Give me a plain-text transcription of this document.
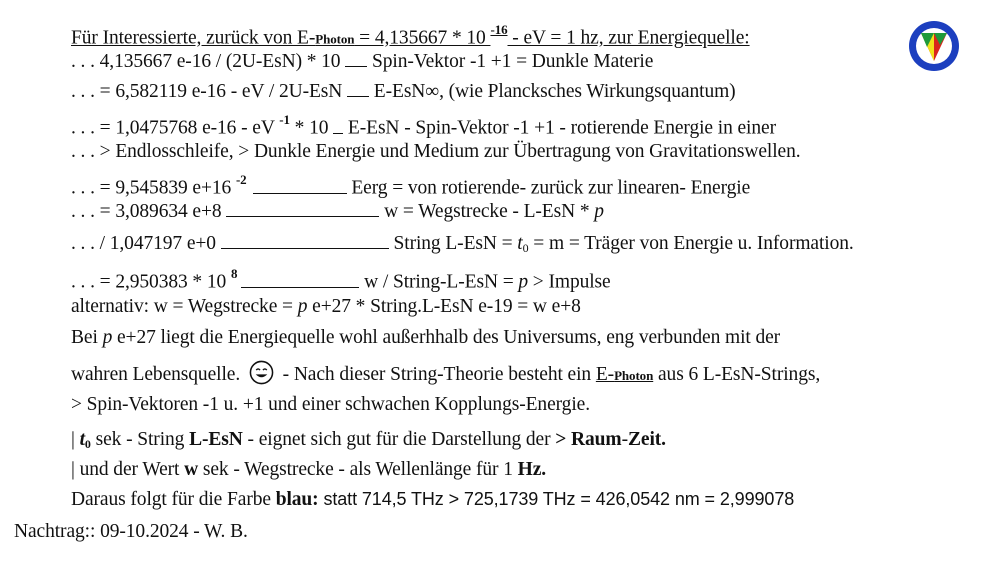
Für Interessierte, zurück von E-Photon = 4,135667 * 10 $^{-16}$ - eV = 1 hz, zur Energiequelle:
. . . 4,135667 e-16 / (2U-EsN) * 10  Spin-Vektor -1 +1 = Dunkle Materie
. . . = 6,582119 e-16 - eV / 2U-EsN  E-EsN∞, (wie Plancksches Wirkungsquantum)
. . . = 1,0475768 e-16 - eV $^{-1}$ * 10  E-EsN - Spin-Vektor -1 +1 - rotierende Energie in einer
. . . > Endlosschleife, > Dunkle Energie und Medium zur Übertragung von Gravitationswellen.
. . . = 9,545839 e+16 $^{-2}$	Eerg = von rotierende- zurück zur linearen- Energie
. . . = 3,089634 e+8	w = Wegstrecke - L-EsN * p
. . . / 1,047197 e+0	String L-EsN = t0 = m = Träger von Energie u. Information.
. . . = 2,950383 * 10 $^8$	w / String-L-EsN = p > Impulse
alternativ: w = Wegstrecke = p e+27 * String.L-EsN e-19 = w e+8
Bei p e+27 liegt die Energiequelle wohl außerhhalb des Universums, eng verbunden mit der
wahren Lebensquelle.  - Nach dieser String-Theorie besteht ein E-Photon aus 6 L-EsN-Strings,
> Spin-Vektoren -1 u. +1 und einer schwachen Kopplungs-Energie.
| t0 sek - String L-EsN - eignet sich gut für die Darstellung der > Raum-Zeit.
| und der Wert w sek - Wegstrecke - als Wellenlänge für 1 Hz.
Daraus folgt für die Farbe blau: statt 714,5 THz > 725,1739 THz = 426,0542 nm = 2,999078
Nachtrag:: 09-10.2024 - W. B.
